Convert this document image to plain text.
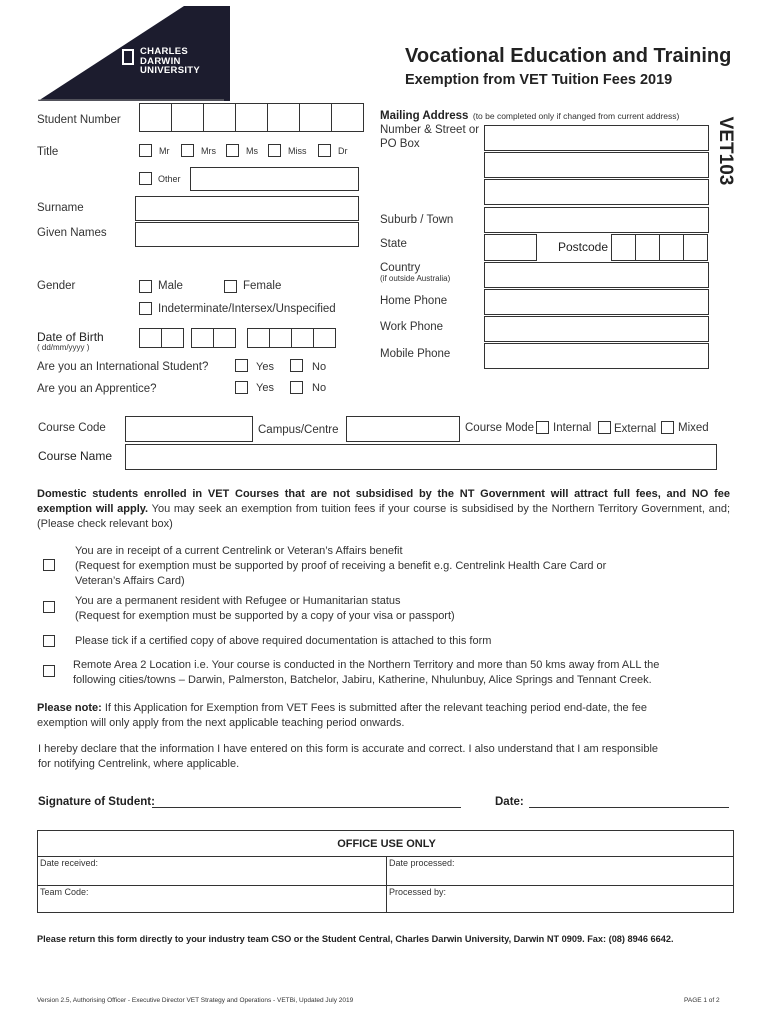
CHARLES
DARWIN
UNIVERSITY
Vocational Education and Training
Exemption from VET Tuition Fees 2019
VET103
Student Number
Title	Mr	Mrs	Ms	Miss	Dr
Other
Surname
Given Names
Gender	Male	Female
Indeterminate/Intersex/Unspecified
Date of Birth
( dd/mm/yyyy )
Are you an International Student?	Yes	No
Are you an Apprentice?	Yes	No
Mailing Address (to be completed only if changed from current address)
Number & Street or
PO Box
Suburb / Town
State	Postcode
Country
(if outside Australia)
Home Phone
Work Phone
Mobile Phone
Course Code	Campus/Centre	Course Mode Internal External Mixed
Course Name
Domestic students enrolled in VET Courses that are not subsidised by the NT Government will attract full fees, and NO fee exemption will apply. You may seek an exemption from tuition fees if your course is subsidised by the Northern Territory Government, and; (Please check relevant box)
You are in receipt of a current Centrelink or Veteran’s Affairs benefit
(Request for exemption must be supported by proof of receiving a benefit e.g. Centrelink Health Care Card or
Veteran’s Affairs Card)
You are a permanent resident with Refugee or Humanitarian status
(Request for exemption must be supported by a copy of your visa or passport)
Please tick if a certified copy of above required documentation is attached to this form
Remote Area 2 Location i.e. Your course is conducted in the Northern Territory and more than 50 kms away from ALL the
following cities/towns – Darwin, Palmerston, Batchelor, Jabiru, Katherine, Nhulunbuy, Alice Springs and Tennant Creek.
Please note: If this Application for Exemption from VET Fees is submitted after the relevant teaching period end-date, the fee
exemption will only apply from the next applicable teaching period onwards.
I hereby declare that the information I have entered on this form is accurate and correct. I also understand that I am responsible
for notifying Centrelink, where applicable.
Signature of Student:	Date:
OFFICE USE ONLY
Date received:	Date processed:
Team Code:	Processed by:
Please return this form directly to your industry team CSO or the Student Central, Charles Darwin University, Darwin NT 0909. Fax: (08) 8946 6642.
Version 2.5, Authorising Officer - Executive Director VET Strategy and Operations - VETBi, Updated July 2019	PAGE 1 of 2
